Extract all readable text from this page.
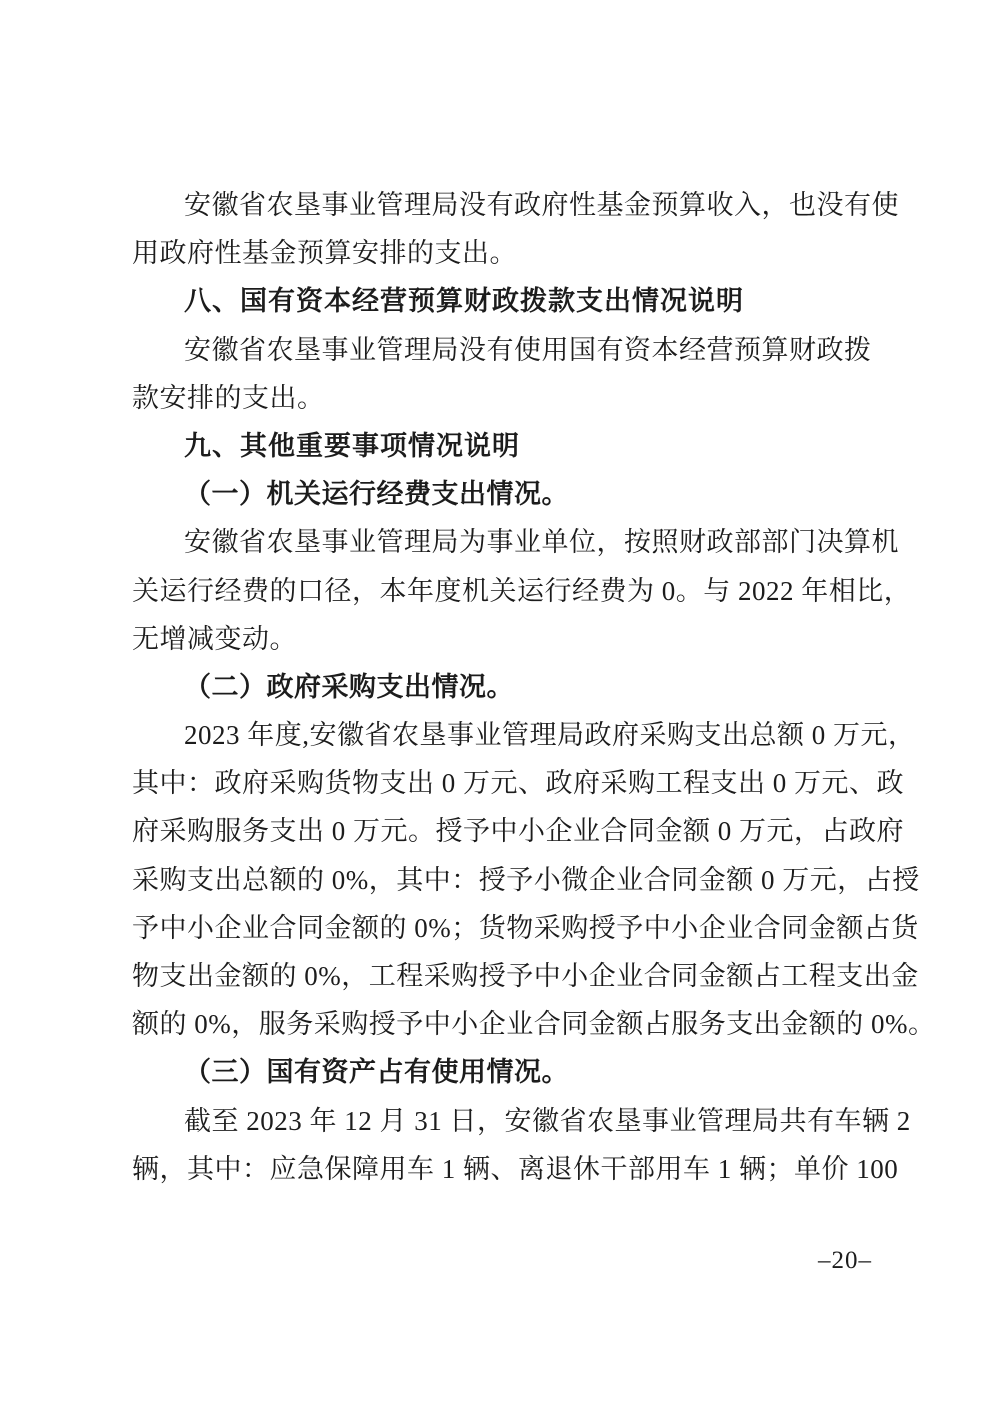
安徽省农垦事业管理局没有政府性基金预算收入，也没有使
用政府性基金预算安排的支出。
八、国有资本经营预算财政拨款支出情况说明
安徽省农垦事业管理局没有使用国有资本经营预算财政拨
款安排的支出。
九、其他重要事项情况说明
（一）机关运行经费支出情况。
安徽省农垦事业管理局为事业单位，按照财政部部门决算机
关运行经费的口径，本年度机关运行经费为 0。与 2022 年相比，
无增减变动。
（二）政府采购支出情况。
2023 年度,安徽省农垦事业管理局政府采购支出总额 0 万元，
其中：政府采购货物支出 0 万元、政府采购工程支出 0 万元、政
府采购服务支出 0 万元。授予中小企业合同金额 0 万元，占政府
采购支出总额的 0%，其中：授予小微企业合同金额 0 万元，占授
予中小企业合同金额的 0%；货物采购授予中小企业合同金额占货
物支出金额的 0%，工程采购授予中小企业合同金额占工程支出金
额的 0%，服务采购授予中小企业合同金额占服务支出金额的 0%。
（三）国有资产占有使用情况。
截至 2023 年 12 月 31 日，安徽省农垦事业管理局共有车辆 2
辆，其中：应急保障用车 1 辆、离退休干部用车 1 辆；单价 100
–20–
